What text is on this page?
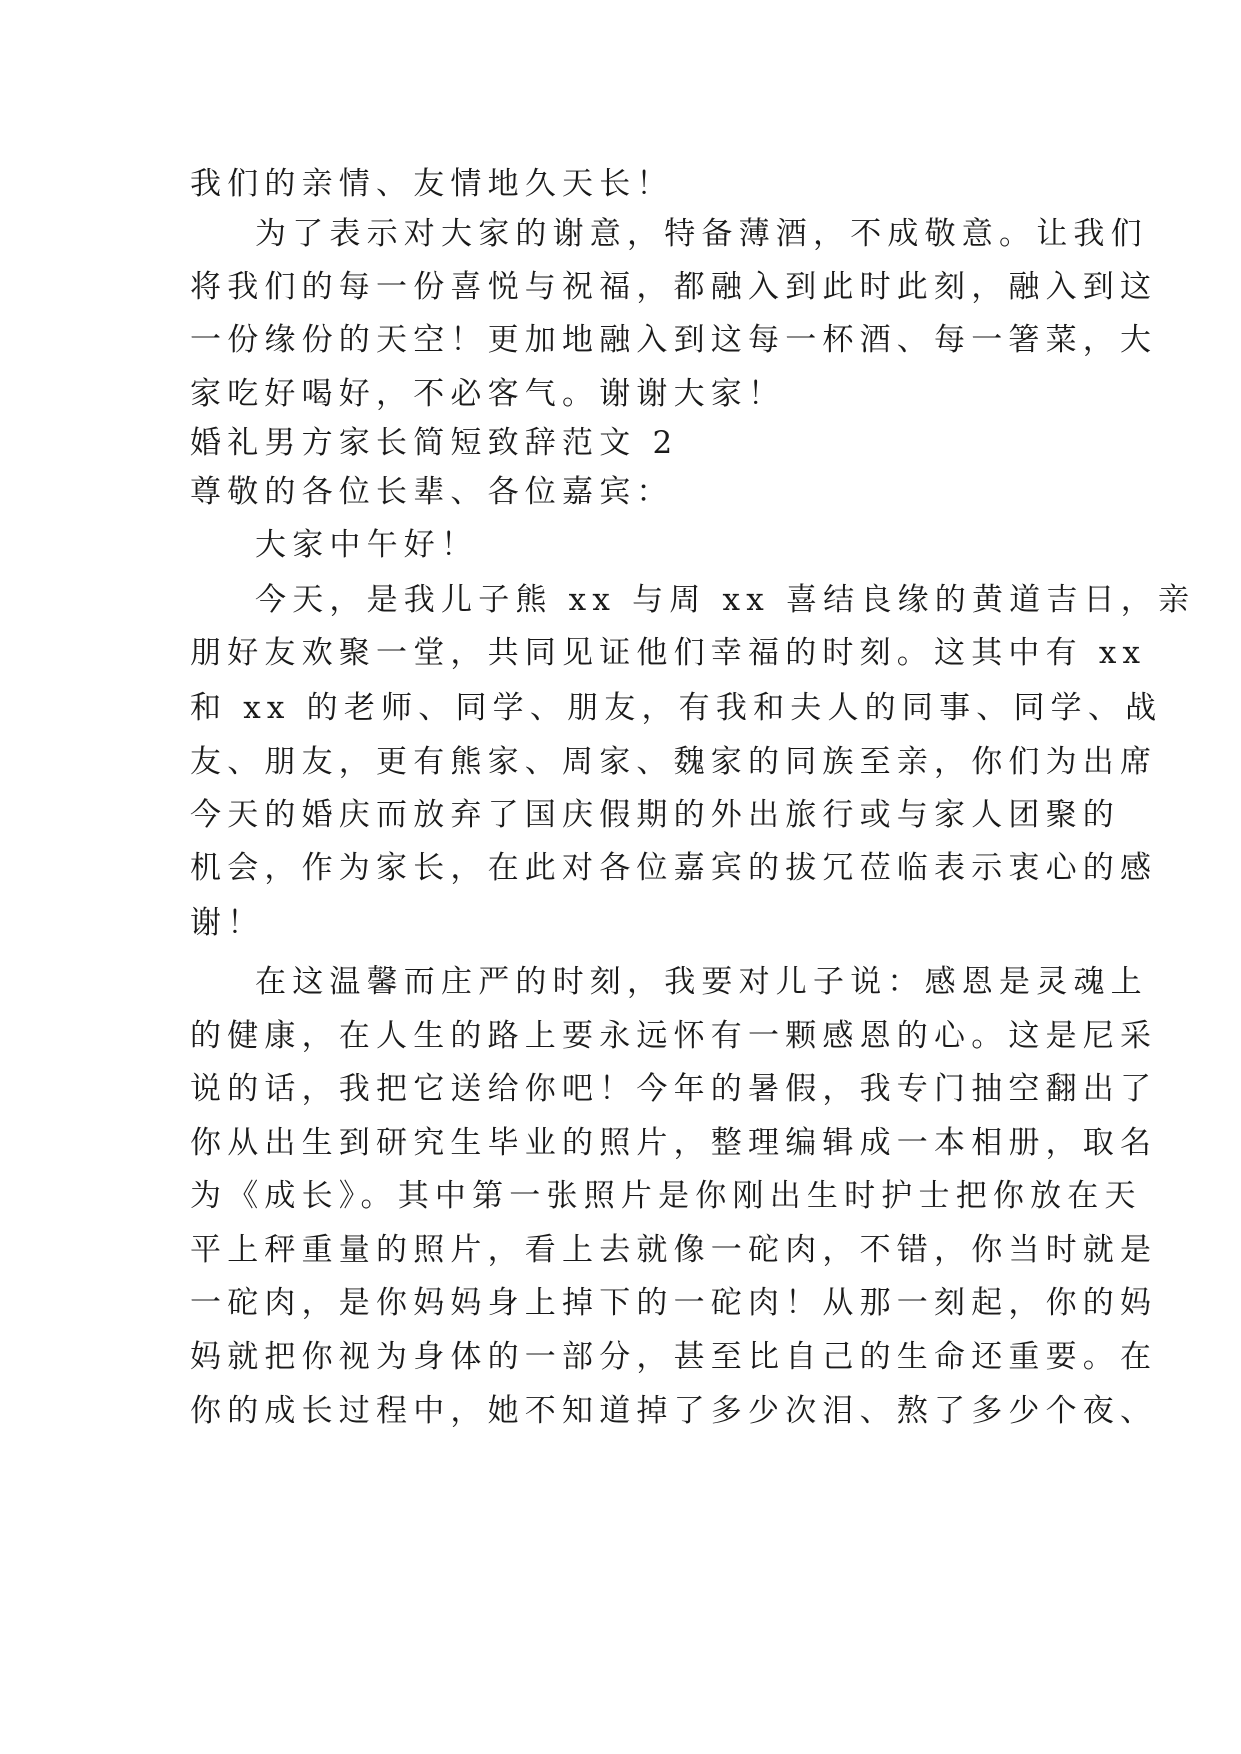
我们的亲情、友情地久天长！
为了表示对大家的谢意，特备薄酒，不成敬意。让我们
将我们的每一份喜悦与祝福，都融入到此时此刻，融入到这
一份缘份的天空！更加地融入到这每一杯酒、每一箸菜，大
家吃好喝好，不必客气。谢谢大家！
婚礼男方家长简短致辞范文 2
尊敬的各位长辈、各位嘉宾：
大家中午好！
今天，是我儿子熊 xx 与周 xx 喜结良缘的黄道吉日，亲
朋好友欢聚一堂，共同见证他们幸福的时刻。这其中有 xx
和 xx 的老师、同学、朋友，有我和夫人的同事、同学、战
友、朋友，更有熊家、周家、魏家的同族至亲，你们为出席
今天的婚庆而放弃了国庆假期的外出旅行或与家人团聚的
机会，作为家长，在此对各位嘉宾的拔冗莅临表示衷心的感
谢！
在这温馨而庄严的时刻，我要对儿子说：感恩是灵魂上
的健康，在人生的路上要永远怀有一颗感恩的心。这是尼采
说的话，我把它送给你吧！今年的暑假，我专门抽空翻出了
你从出生到研究生毕业的照片，整理编辑成一本相册，取名
为《成长》。其中第一张照片是你刚出生时护士把你放在天
平上秤重量的照片，看上去就像一砣肉，不错，你当时就是
一砣肉，是你妈妈身上掉下的一砣肉！从那一刻起，你的妈
妈就把你视为身体的一部分，甚至比自己的生命还重要。在
你的成长过程中，她不知道掉了多少次泪、熬了多少个夜、
